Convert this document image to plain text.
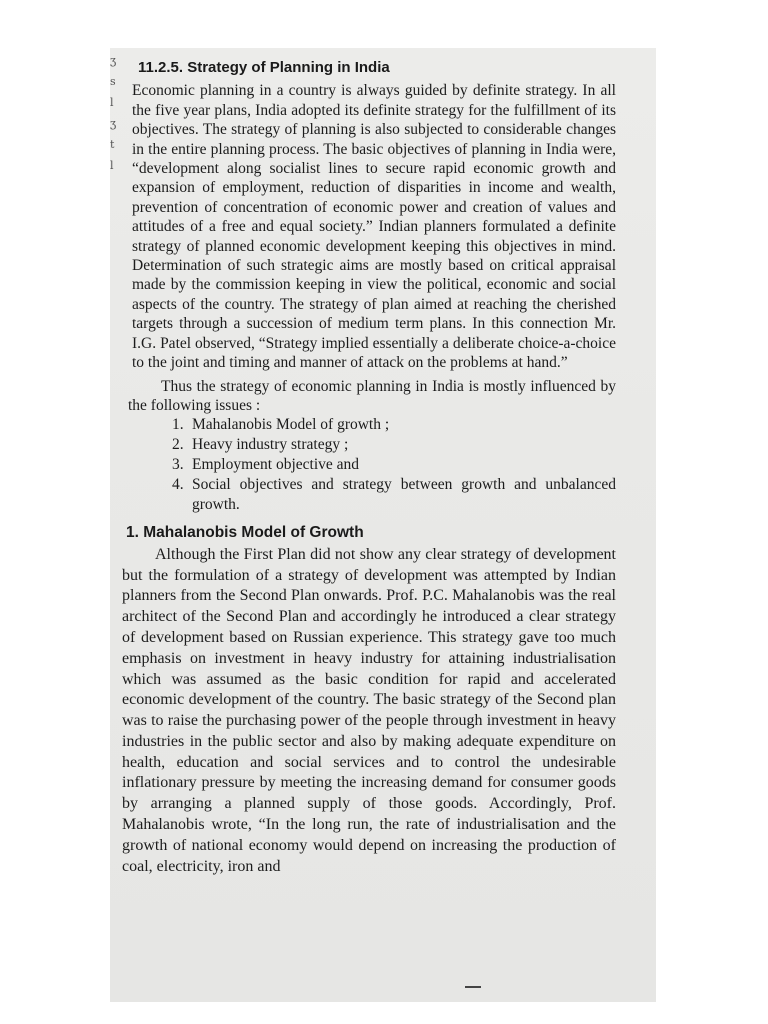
ʒ
s
l
ʒ
t
l
11.2.5. Strategy of Planning in India

Economic planning in a country is always guided by definite strategy. In all the five year plans, India adopted its definite strategy for the fulfillment of its objectives. The strategy of planning is also subjected to considerable changes in the entire planning process. The basic objectives of planning in India were, “development along socialist lines to secure rapid economic growth and expansion of employment, reduction of disparities in income and wealth, prevention of concentration of economic power and creation of values and attitudes of a free and equal society.” Indian planners formulated a definite strategy of planned economic development keeping this objectives in mind. Determination of such strategic aims are mostly based on critical appraisal made by the commission keeping in view the political, economic and social aspects of the country. The strategy of plan aimed at reaching the cherished targets through a succession of medium term plans. In this connection Mr. I.G. Patel observed, “Strategy implied essentially a deliberate choice-a-choice to the joint and timing and manner of attack on the problems at hand.”

Thus the strategy of economic planning in India is mostly influenced by the following issues :

1. Mahalanobis Model of growth ;
2. Heavy industry strategy ;
3. Employment objective and
4. Social objectives and strategy between growth and unbalanced growth.
1. Mahalanobis Model of Growth

Although the First Plan did not show any clear strategy of development but the formulation of a strategy of development was attempted by Indian planners from the Second Plan onwards. Prof. P.C. Mahalanobis was the real architect of the Second Plan and accordingly he introduced a clear strategy of development based on Russian experience. This strategy gave too much emphasis on investment in heavy industry for attaining industrialisation which was assumed as the basic condition for rapid and accelerated economic development of the country. The basic strategy of the Second plan was to raise the purchasing power of the people through investment in heavy industries in the public sector and also by making adequate expenditure on health, education and social services and to control the undesirable inflationary pressure by meeting the increasing demand for consumer goods by arranging a planned supply of those goods. Accordingly, Prof. Mahalanobis wrote, “In the long run, the rate of industrialisation and the growth of national economy would depend on increasing the production of coal, electricity, iron and
